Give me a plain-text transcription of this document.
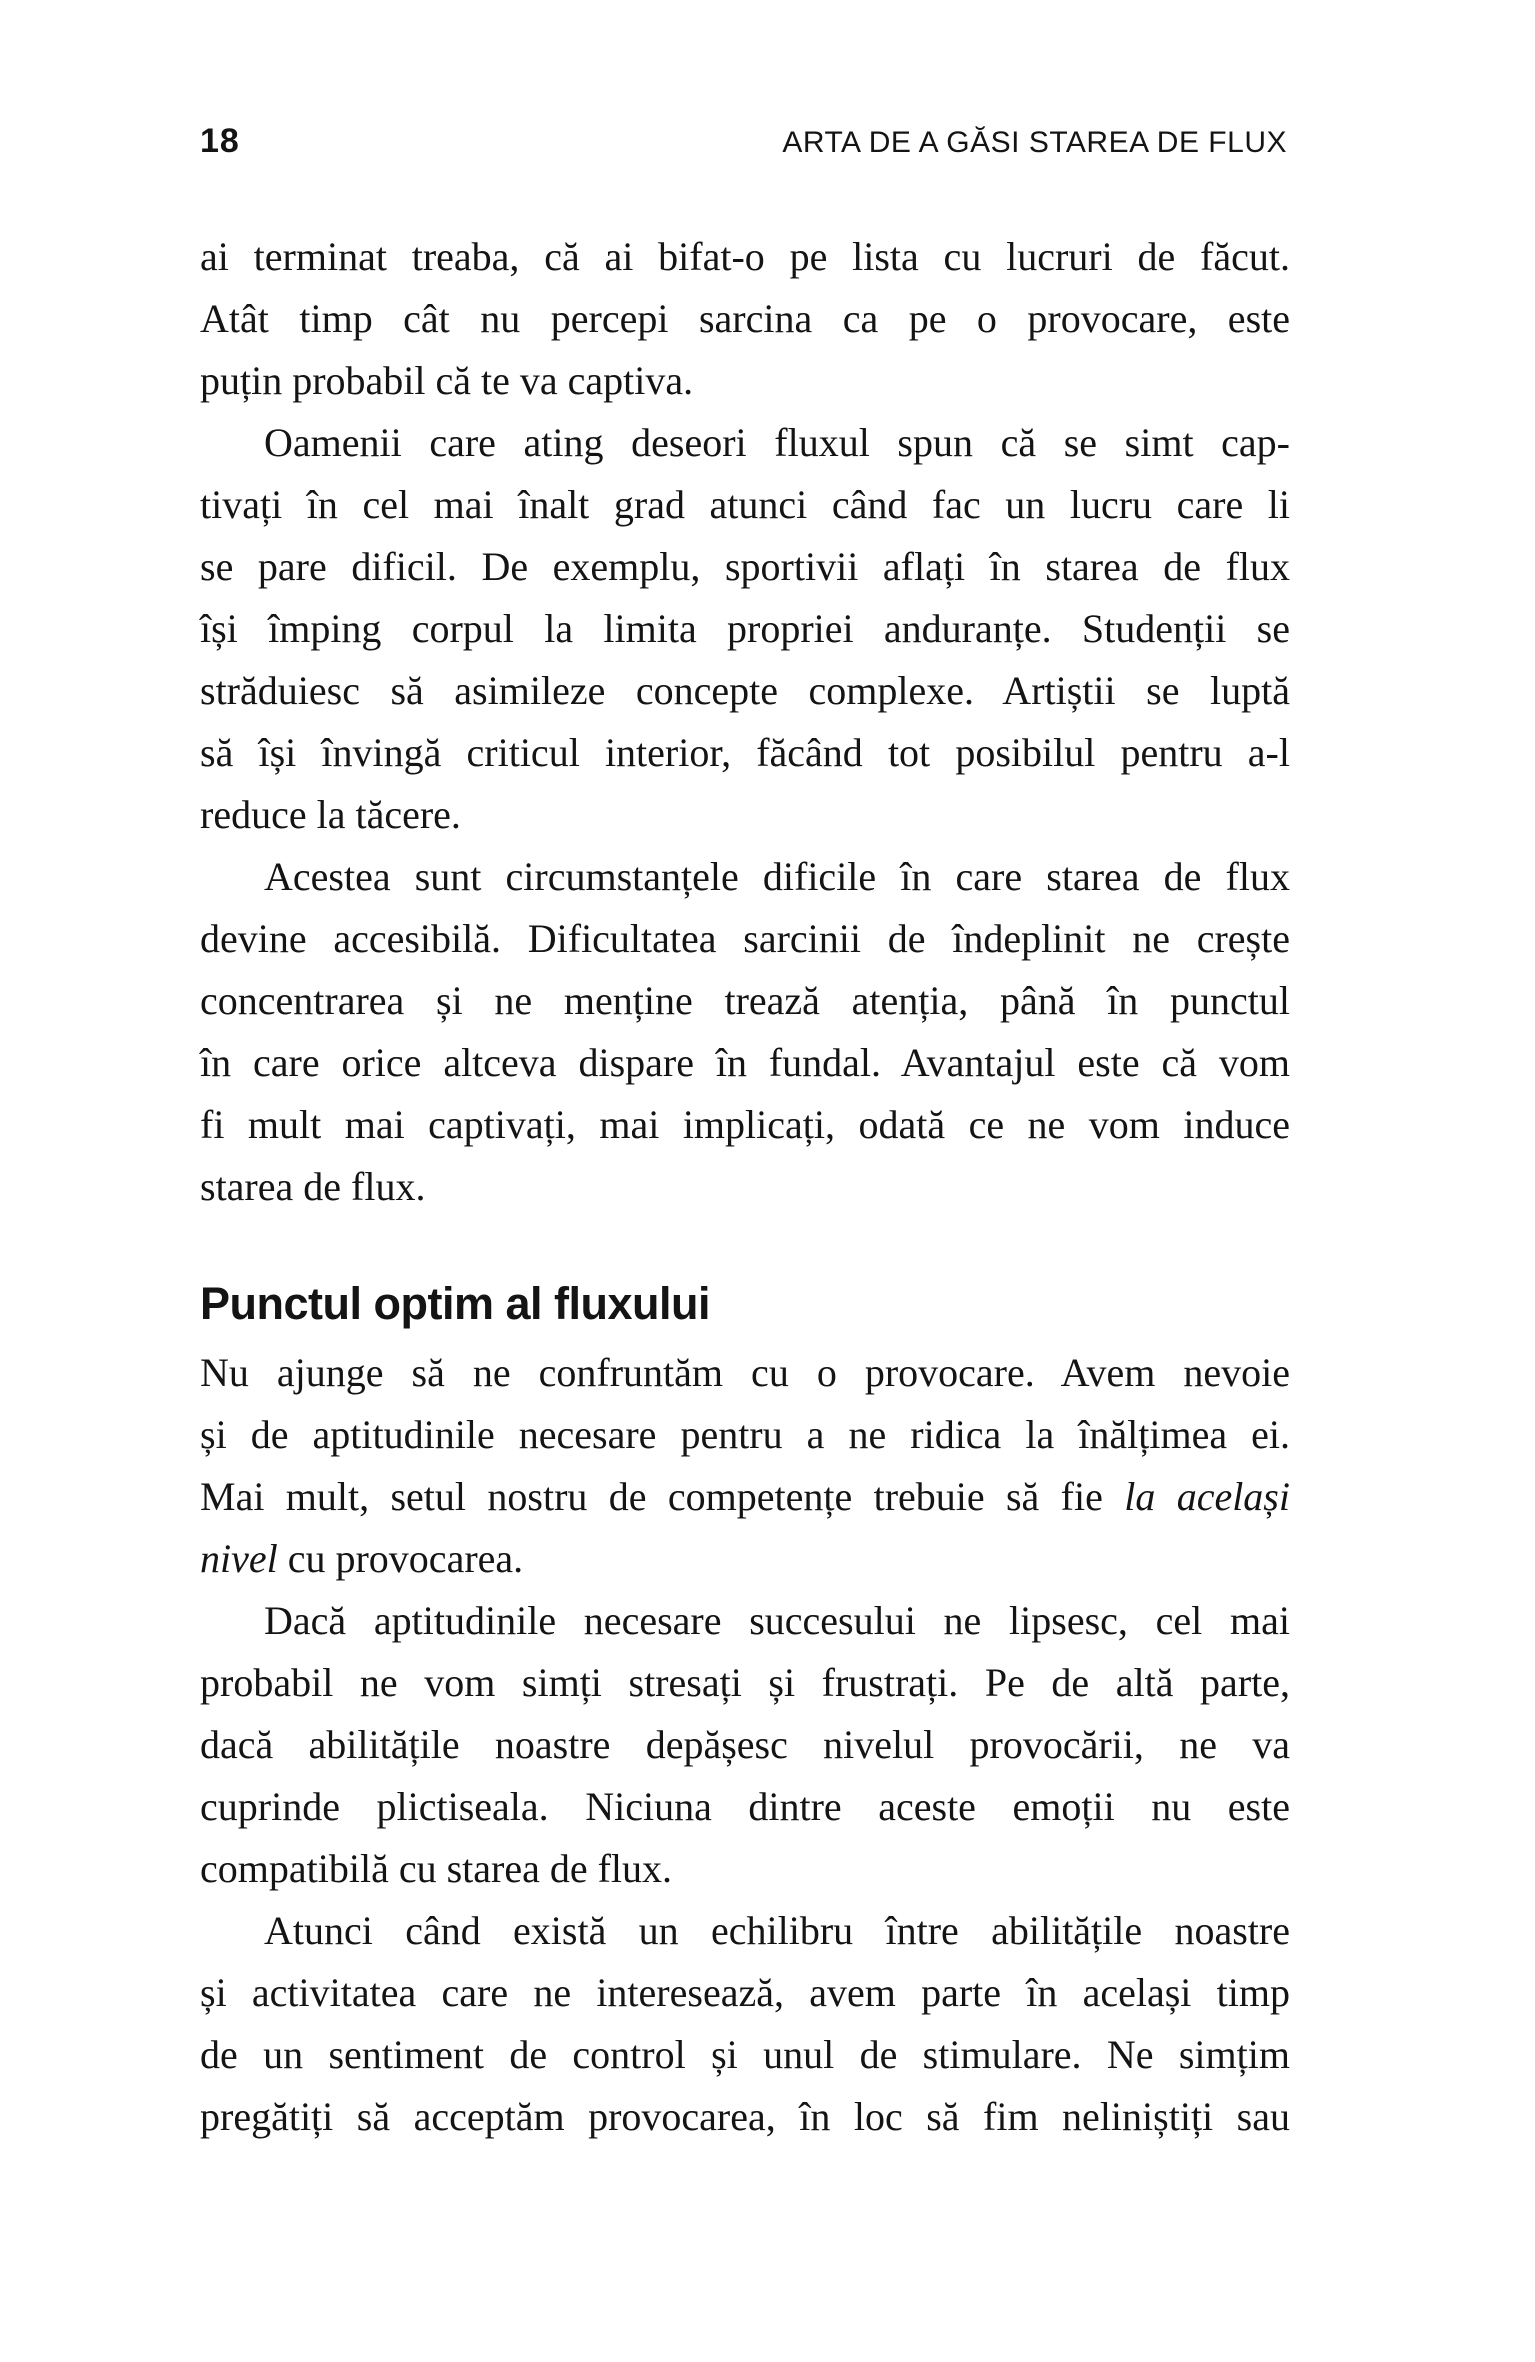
18	ARTA DE A GĂSI STAREA DE FLUX
ai terminat treaba, că ai bifat-o pe lista cu lucruri de făcut.
Atât timp cât nu percepi sarcina ca pe o provocare, este
puțin probabil că te va captiva.

Oamenii care ating deseori fluxul spun că se simt cap-
tivați în cel mai înalt grad atunci când fac un lucru care li
se pare dificil. De exemplu, sportivii aflați în starea de flux
își împing corpul la limita propriei anduranțe. Studenții se
străduiesc să asimileze concepte complexe. Artiștii se luptă
să își învingă criticul interior, făcând tot posibilul pentru a-l
reduce la tăcere.

Acestea sunt circumstanțele dificile în care starea de flux
devine accesibilă. Dificultatea sarcinii de îndeplinit ne crește
concentrarea și ne menține trează atenția, până în punctul
în care orice altceva dispare în fundal. Avantajul este că vom
fi mult mai captivați, mai implicați, odată ce ne vom induce
starea de flux.

Punctul optim al fluxului
Nu ajunge să ne confruntăm cu o provocare. Avem nevoie
și de aptitudinile necesare pentru a ne ridica la înălțimea ei.
Mai mult, setul nostru de competențe trebuie să fie la același
nivel cu provocarea.

Dacă aptitudinile necesare succesului ne lipsesc, cel mai
probabil ne vom simți stresați și frustrați. Pe de altă parte,
dacă abilitățile noastre depășesc nivelul provocării, ne va
cuprinde plictiseala. Niciuna dintre aceste emoții nu este
compatibilă cu starea de flux.

Atunci când există un echilibru între abilitățile noastre
și activitatea care ne interesează, avem parte în același timp
de un sentiment de control și unul de stimulare. Ne simțim
pregătiți să acceptăm provocarea, în loc să fim neliniștiți sau
